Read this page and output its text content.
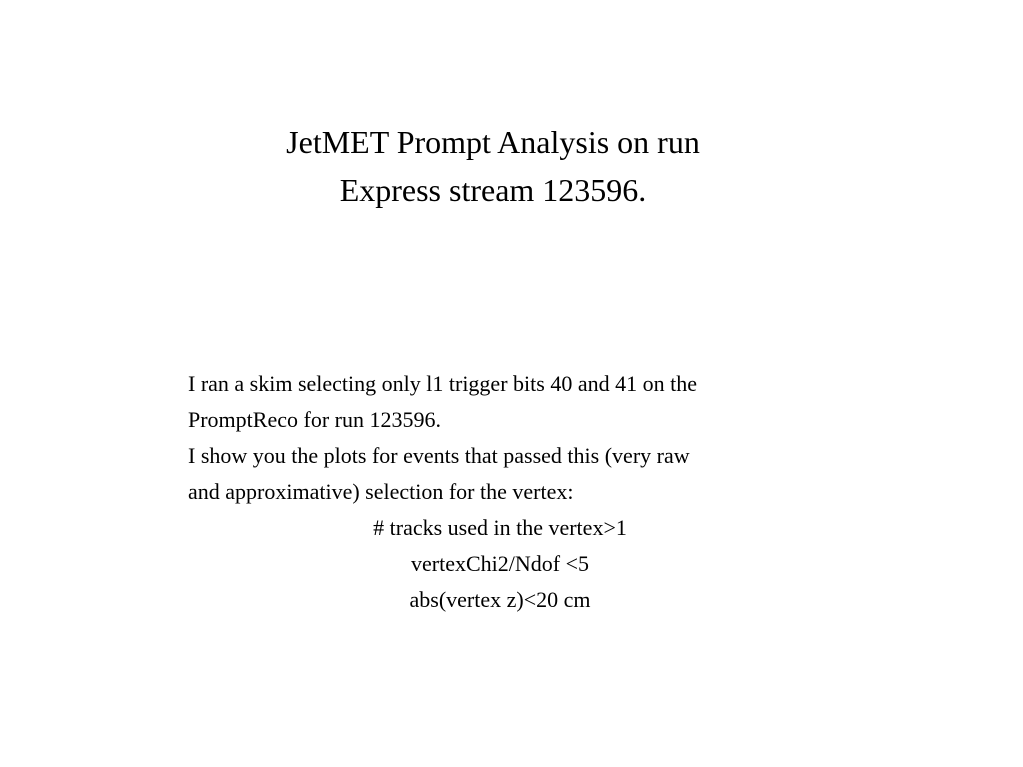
JetMET Prompt Analysis on run
Express stream 123596.
I ran a skim selecting only l1 trigger bits 40 and 41 on the
PromptReco for run 123596.
I show you the plots for events that passed this (very raw
and approximative) selection for the vertex:
# tracks used in the vertex>1
vertexChi2/Ndof <5
abs(vertex z)<20 cm
